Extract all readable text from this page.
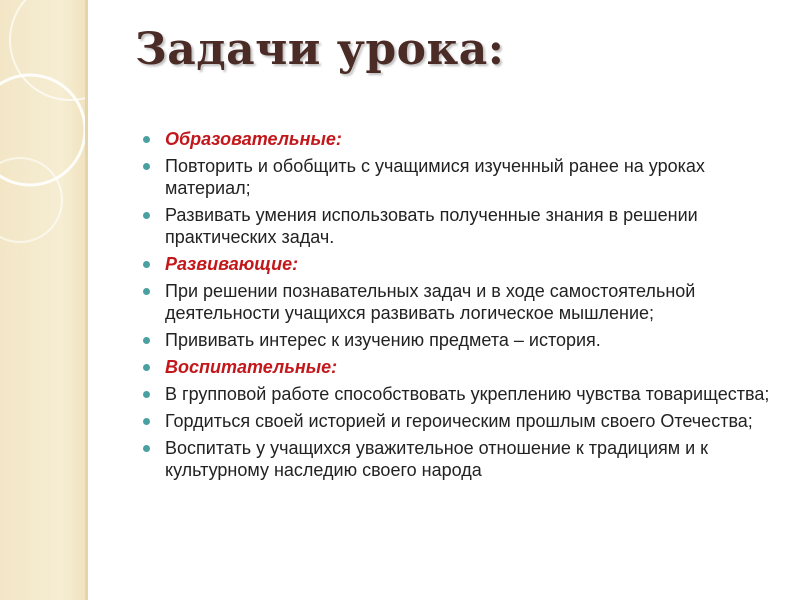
Задачи урока:
Образовательные:
Повторить и обобщить с учащимися изученный ранее на уроках материал;
Развивать умения использовать полученные знания в решении практических задач.
Развивающие:
При решении познавательных задач и в ходе самостоятельной деятельности учащихся развивать логическое мышление;
Прививать интерес к изучению предмета – история.
Воспитательные:
В групповой работе способствовать укреплению чувства товарищества;
Гордиться своей историей и героическим прошлым своего Отечества;
Воспитать у учащихся уважительное отношение к традициям и к культурному наследию своего народа
